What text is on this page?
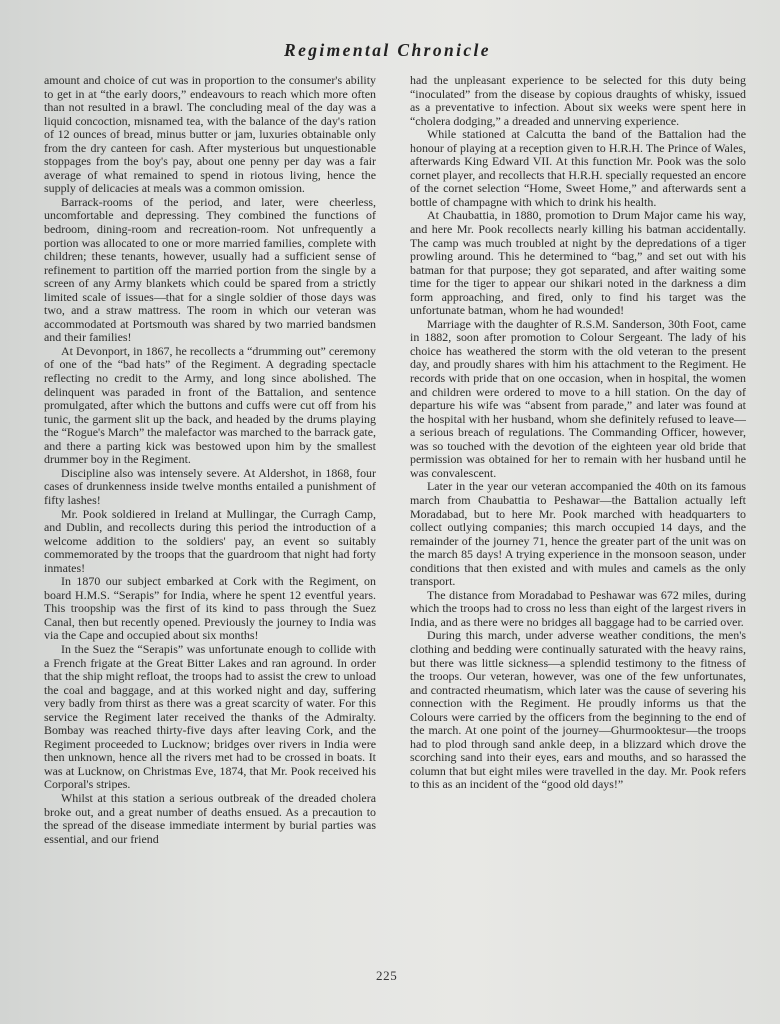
Regimental Chronicle

amount and choice of cut was in proportion to the consumer's ability to get in at “the early doors,” endeavours to reach which more often than not resulted in a brawl. The concluding meal of the day was a liquid concoction, misnamed tea, with the balance of the day's ration of 12 ounces of bread, minus butter or jam, luxuries obtainable only from the dry canteen for cash. After mysterious but unquestionable stoppages from the boy's pay, about one penny per day was a fair average of what remained to spend in riotous living, hence the supply of delicacies at meals was a common omission.

Barrack-rooms of the period, and later, were cheerless, uncomfortable and depressing. They combined the functions of bedroom, dining-room and recreation-room. Not unfrequently a portion was allocated to one or more married families, complete with children; these tenants, however, usually had a sufficient sense of refinement to partition off the married portion from the single by a screen of any Army blankets which could be spared from a strictly limited scale of issues—that for a single soldier of those days was two, and a straw mattress. The room in which our veteran was accommodated at Portsmouth was shared by two married bandsmen and their families!

At Devonport, in 1867, he recollects a “drumming out” ceremony of one of the “bad hats” of the Regiment. A degrading spectacle reflecting no credit to the Army, and long since abolished. The delinquent was paraded in front of the Battalion, and sentence promulgated, after which the buttons and cuffs were cut off from his tunic, the garment slit up the back, and headed by the drums playing the “Rogue's March” the malefactor was marched to the barrack gate, and there a parting kick was bestowed upon him by the smallest drummer boy in the Regiment.

Discipline also was intensely severe. At Aldershot, in 1868, four cases of drunkenness inside twelve months entailed a punishment of fifty lashes!

Mr. Pook soldiered in Ireland at Mullingar, the Curragh Camp, and Dublin, and recollects during this period the introduction of a welcome addition to the soldiers' pay, an event so suitably commemorated by the troops that the guardroom that night had forty inmates!

In 1870 our subject embarked at Cork with the Regiment, on board H.M.S. “Serapis” for India, where he spent 12 eventful years. This troopship was the first of its kind to pass through the Suez Canal, then but recently opened. Previously the journey to India was via the Cape and occupied about six months!

In the Suez the “Serapis” was unfortunate enough to collide with a French frigate at the Great Bitter Lakes and ran aground. In order that the ship might refloat, the troops had to assist the crew to unload the coal and baggage, and at this worked night and day, suffering very badly from thirst as there was a great scarcity of water. For this service the Regiment later received the thanks of the Admiralty. Bombay was reached thirty-five days after leaving Cork, and the Regiment proceeded to Lucknow; bridges over rivers in India were then unknown, hence all the rivers met had to be crossed in boats. It was at Lucknow, on Christmas Eve, 1874, that Mr. Pook received his Corporal's stripes.

Whilst at this station a serious outbreak of the dreaded cholera broke out, and a great number of deaths ensued. As a precaution to the spread of the disease immediate interment by burial parties was essential, and our friend

had the unpleasant experience to be selected for this duty being “inoculated” from the disease by copious draughts of whisky, issued as a preventative to infection. About six weeks were spent here in “cholera dodging,” a dreaded and unnerving experience.

While stationed at Calcutta the band of the Battalion had the honour of playing at a reception given to H.R.H. The Prince of Wales, afterwards King Edward VII. At this function Mr. Pook was the solo cornet player, and recollects that H.R.H. specially requested an encore of the cornet selection “Home, Sweet Home,” and afterwards sent a bottle of champagne with which to drink his health.

At Chaubattia, in 1880, promotion to Drum Major came his way, and here Mr. Pook recollects nearly killing his batman accidentally. The camp was much troubled at night by the depredations of a tiger prowling around. This he determined to “bag,” and set out with his batman for that purpose; they got separated, and after waiting some time for the tiger to appear our shikari noted in the darkness a dim form approaching, and fired, only to find his target was the unfortunate batman, whom he had wounded!

Marriage with the daughter of R.S.M. Sanderson, 30th Foot, came in 1882, soon after promotion to Colour Sergeant. The lady of his choice has weathered the storm with the old veteran to the present day, and proudly shares with him his attachment to the Regiment. He records with pride that on one occasion, when in hospital, the women and children were ordered to move to a hill station. On the day of departure his wife was “absent from parade,” and later was found at the hospital with her husband, whom she definitely refused to leave—a serious breach of regulations. The Commanding Officer, however, was so touched with the devotion of the eighteen year old bride that permission was obtained for her to remain with her husband until he was convalescent.

Later in the year our veteran accompanied the 40th on its famous march from Chaubattia to Peshawar—the Battalion actually left Moradabad, but to here Mr. Pook marched with headquarters to collect outlying companies; this march occupied 14 days, and the remainder of the journey 71, hence the greater part of the unit was on the march 85 days! A trying experience in the monsoon season, under conditions that then existed and with mules and camels as the only transport.

The distance from Moradabad to Peshawar was 672 miles, during which the troops had to cross no less than eight of the largest rivers in India, and as there were no bridges all baggage had to be carried over.

During this march, under adverse weather conditions, the men's clothing and bedding were continually saturated with the heavy rains, but there was little sickness—a splendid testimony to the fitness of the troops. Our veteran, however, was one of the few unfortunates, and contracted rheumatism, which later was the cause of severing his connection with the Regiment. He proudly informs us that the Colours were carried by the officers from the beginning to the end of the march. At one point of the journey—Ghurmooktesur—the troops had to plod through sand ankle deep, in a blizzard which drove the scorching sand into their eyes, ears and mouths, and so harassed the column that but eight miles were travelled in the day. Mr. Pook refers to this as an incident of the “good old days!”

225
